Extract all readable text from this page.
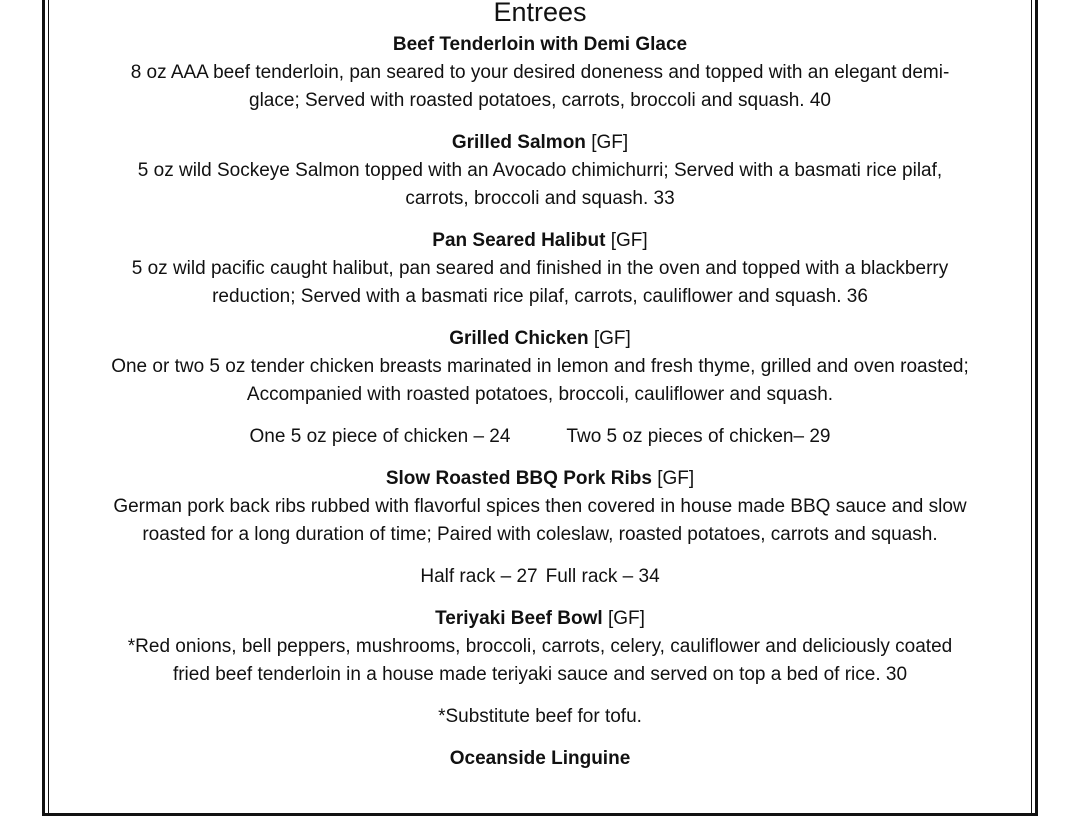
Entrees
Beef Tenderloin with Demi Glace
8 oz AAA beef tenderloin, pan seared to your desired doneness and topped with an elegant demi-glace; Served with roasted potatoes, carrots, broccoli and squash. 40
Grilled Salmon [GF]
5 oz wild Sockeye Salmon topped with an Avocado chimichurri; Served with a basmati rice pilaf, carrots, broccoli and squash. 33
Pan Seared Halibut [GF]
5 oz wild pacific caught halibut, pan seared and finished in the oven and topped with a blackberry reduction; Served with a basmati rice pilaf, carrots, cauliflower and squash. 36
Grilled Chicken [GF]
One or two 5 oz tender chicken breasts marinated in lemon and fresh thyme, grilled and oven roasted; Accompanied with roasted potatoes, broccoli, cauliflower and squash.
One 5 oz piece of chicken – 24	Two 5 oz pieces of chicken– 29
Slow Roasted BBQ Pork Ribs [GF]
German pork back ribs rubbed with flavorful spices then covered in house made BBQ sauce and slow roasted for a long duration of time; Paired with coleslaw, roasted potatoes, carrots and squash.
Half rack – 27 Full rack – 34
Teriyaki Beef Bowl [GF]
*Red onions, bell peppers, mushrooms, broccoli, carrots, celery, cauliflower and deliciously coated fried beef tenderloin in a house made teriyaki sauce and served on top a bed of rice. 30
*Substitute beef for tofu.
Oceanside Linguine
